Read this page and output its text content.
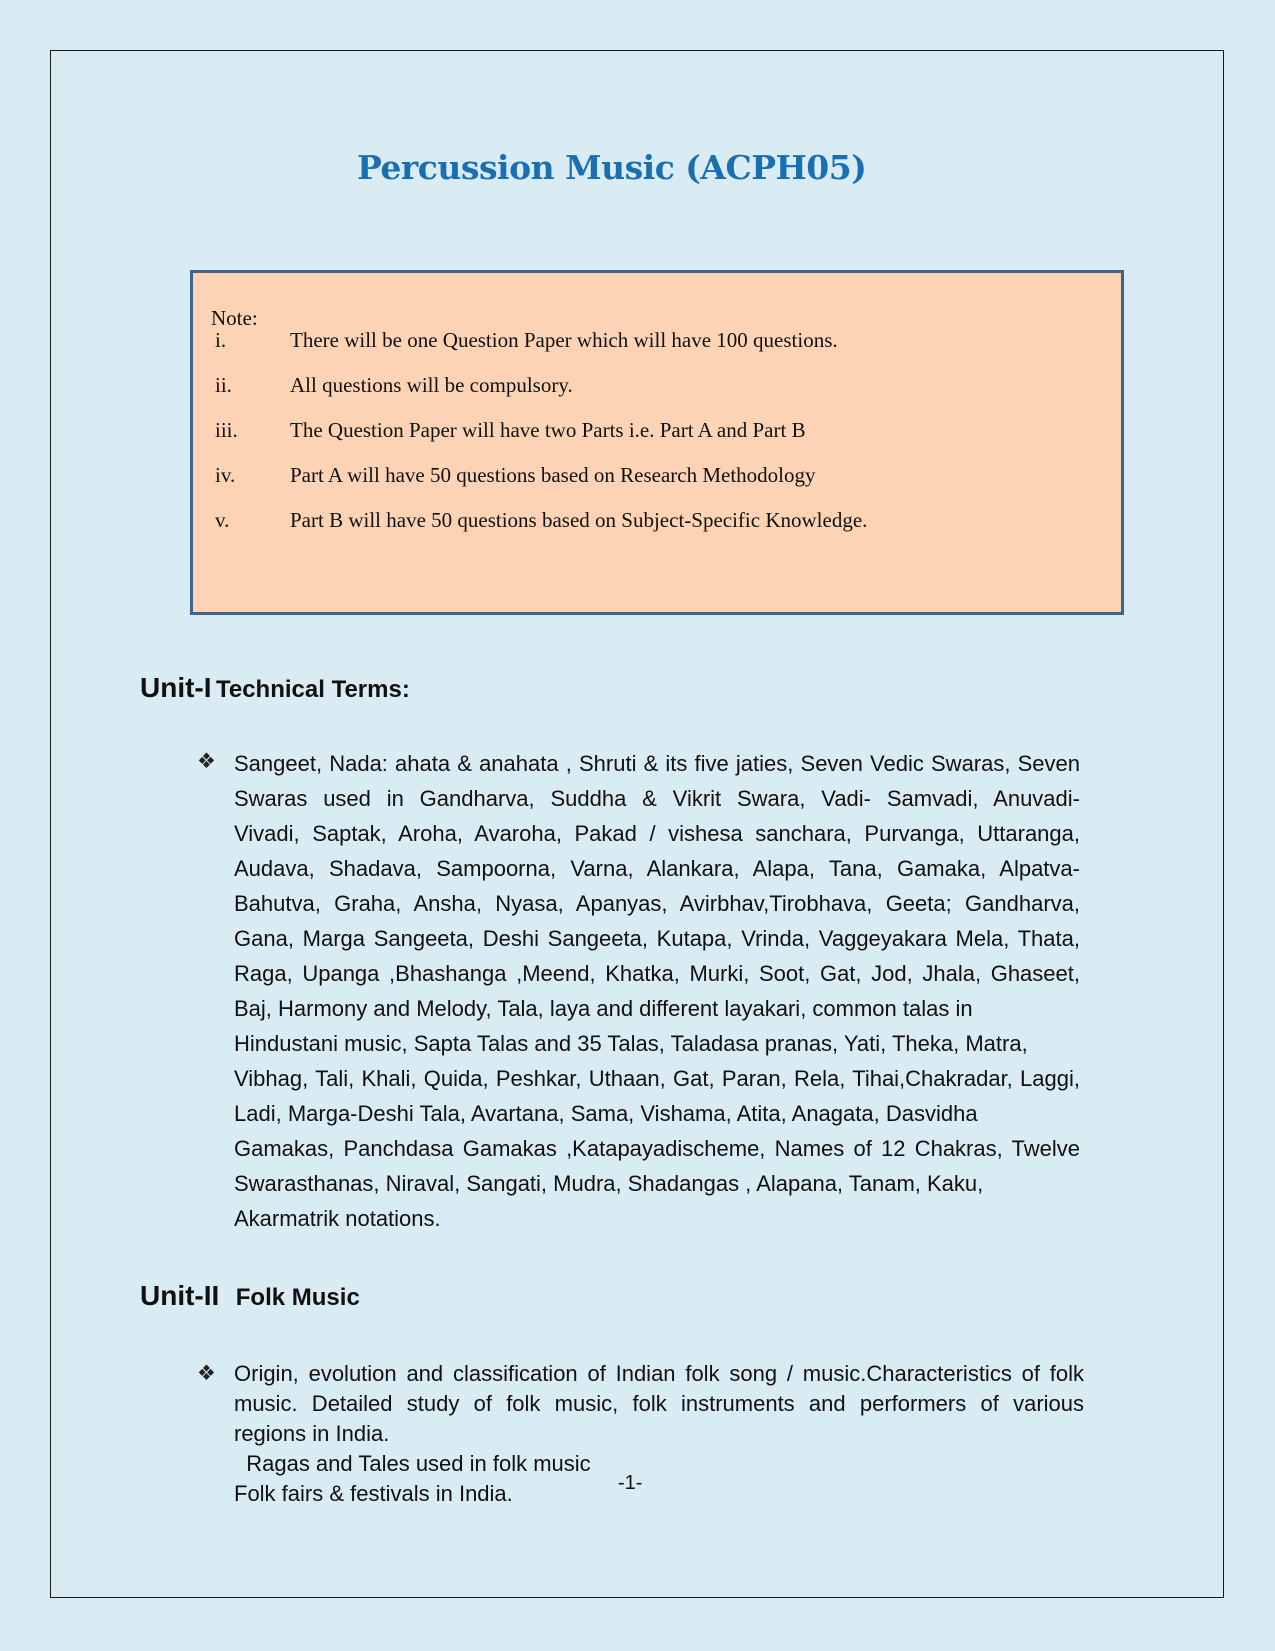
Percussion Music (ACPH05)
Note:
i.	There will be one Question Paper which will have 100 questions.
ii.	All questions will be compulsory.
iii. The Question Paper will have two Parts i.e. Part A and Part B
iv.	Part A will have 50 questions based on Research Methodology
v.	Part B will have 50 questions based on Subject-Specific Knowledge.
Unit-I Technical Terms:
❖ Sangeet, Nada: ahata & anahata , Shruti & its five jaties, Seven Vedic Swaras, Seven
Swaras used in Gandharva, Suddha & Vikrit Swara, Vadi- Samvadi, Anuvadi-
Vivadi, Saptak, Aroha, Avaroha, Pakad / vishesa sanchara, Purvanga, Uttaranga,
Audava, Shadava, Sampoorna, Varna, Alankara, Alapa, Tana, Gamaka, Alpatva-
Bahutva, Graha, Ansha, Nyasa, Apanyas, Avirbhav,Tirobhava, Geeta; Gandharva,
Gana, Marga Sangeeta, Deshi Sangeeta, Kutapa, Vrinda, Vaggeyakara Mela, Thata,
Raga, Upanga ,Bhashanga ,Meend, Khatka, Murki, Soot, Gat, Jod, Jhala, Ghaseet,
Baj, Harmony and Melody, Tala, laya and different layakari, common talas in
Hindustani music, Sapta Talas and 35 Talas, Taladasa pranas, Yati, Theka, Matra,
Vibhag, Tali, Khali, Quida, Peshkar, Uthaan, Gat, Paran, Rela, Tihai,Chakradar, Laggi,
Ladi, Marga-Deshi Tala, Avartana, Sama, Vishama, Atita, Anagata, Dasvidha
Gamakas, Panchdasa Gamakas ,Katapayadischeme, Names of 12 Chakras, Twelve
Swarasthanas, Niraval, Sangati, Mudra, Shadangas , Alapana, Tanam, Kaku,
Akarmatrik notations.
Unit-II Folk Music
❖ Origin, evolution and classification of Indian folk song / music.Characteristics of folk
music. Detailed study of folk music, folk instruments and performers of various
regions in India.
Ragas and Tales used in folk music
Folk fairs & festivals in India.	-1-
